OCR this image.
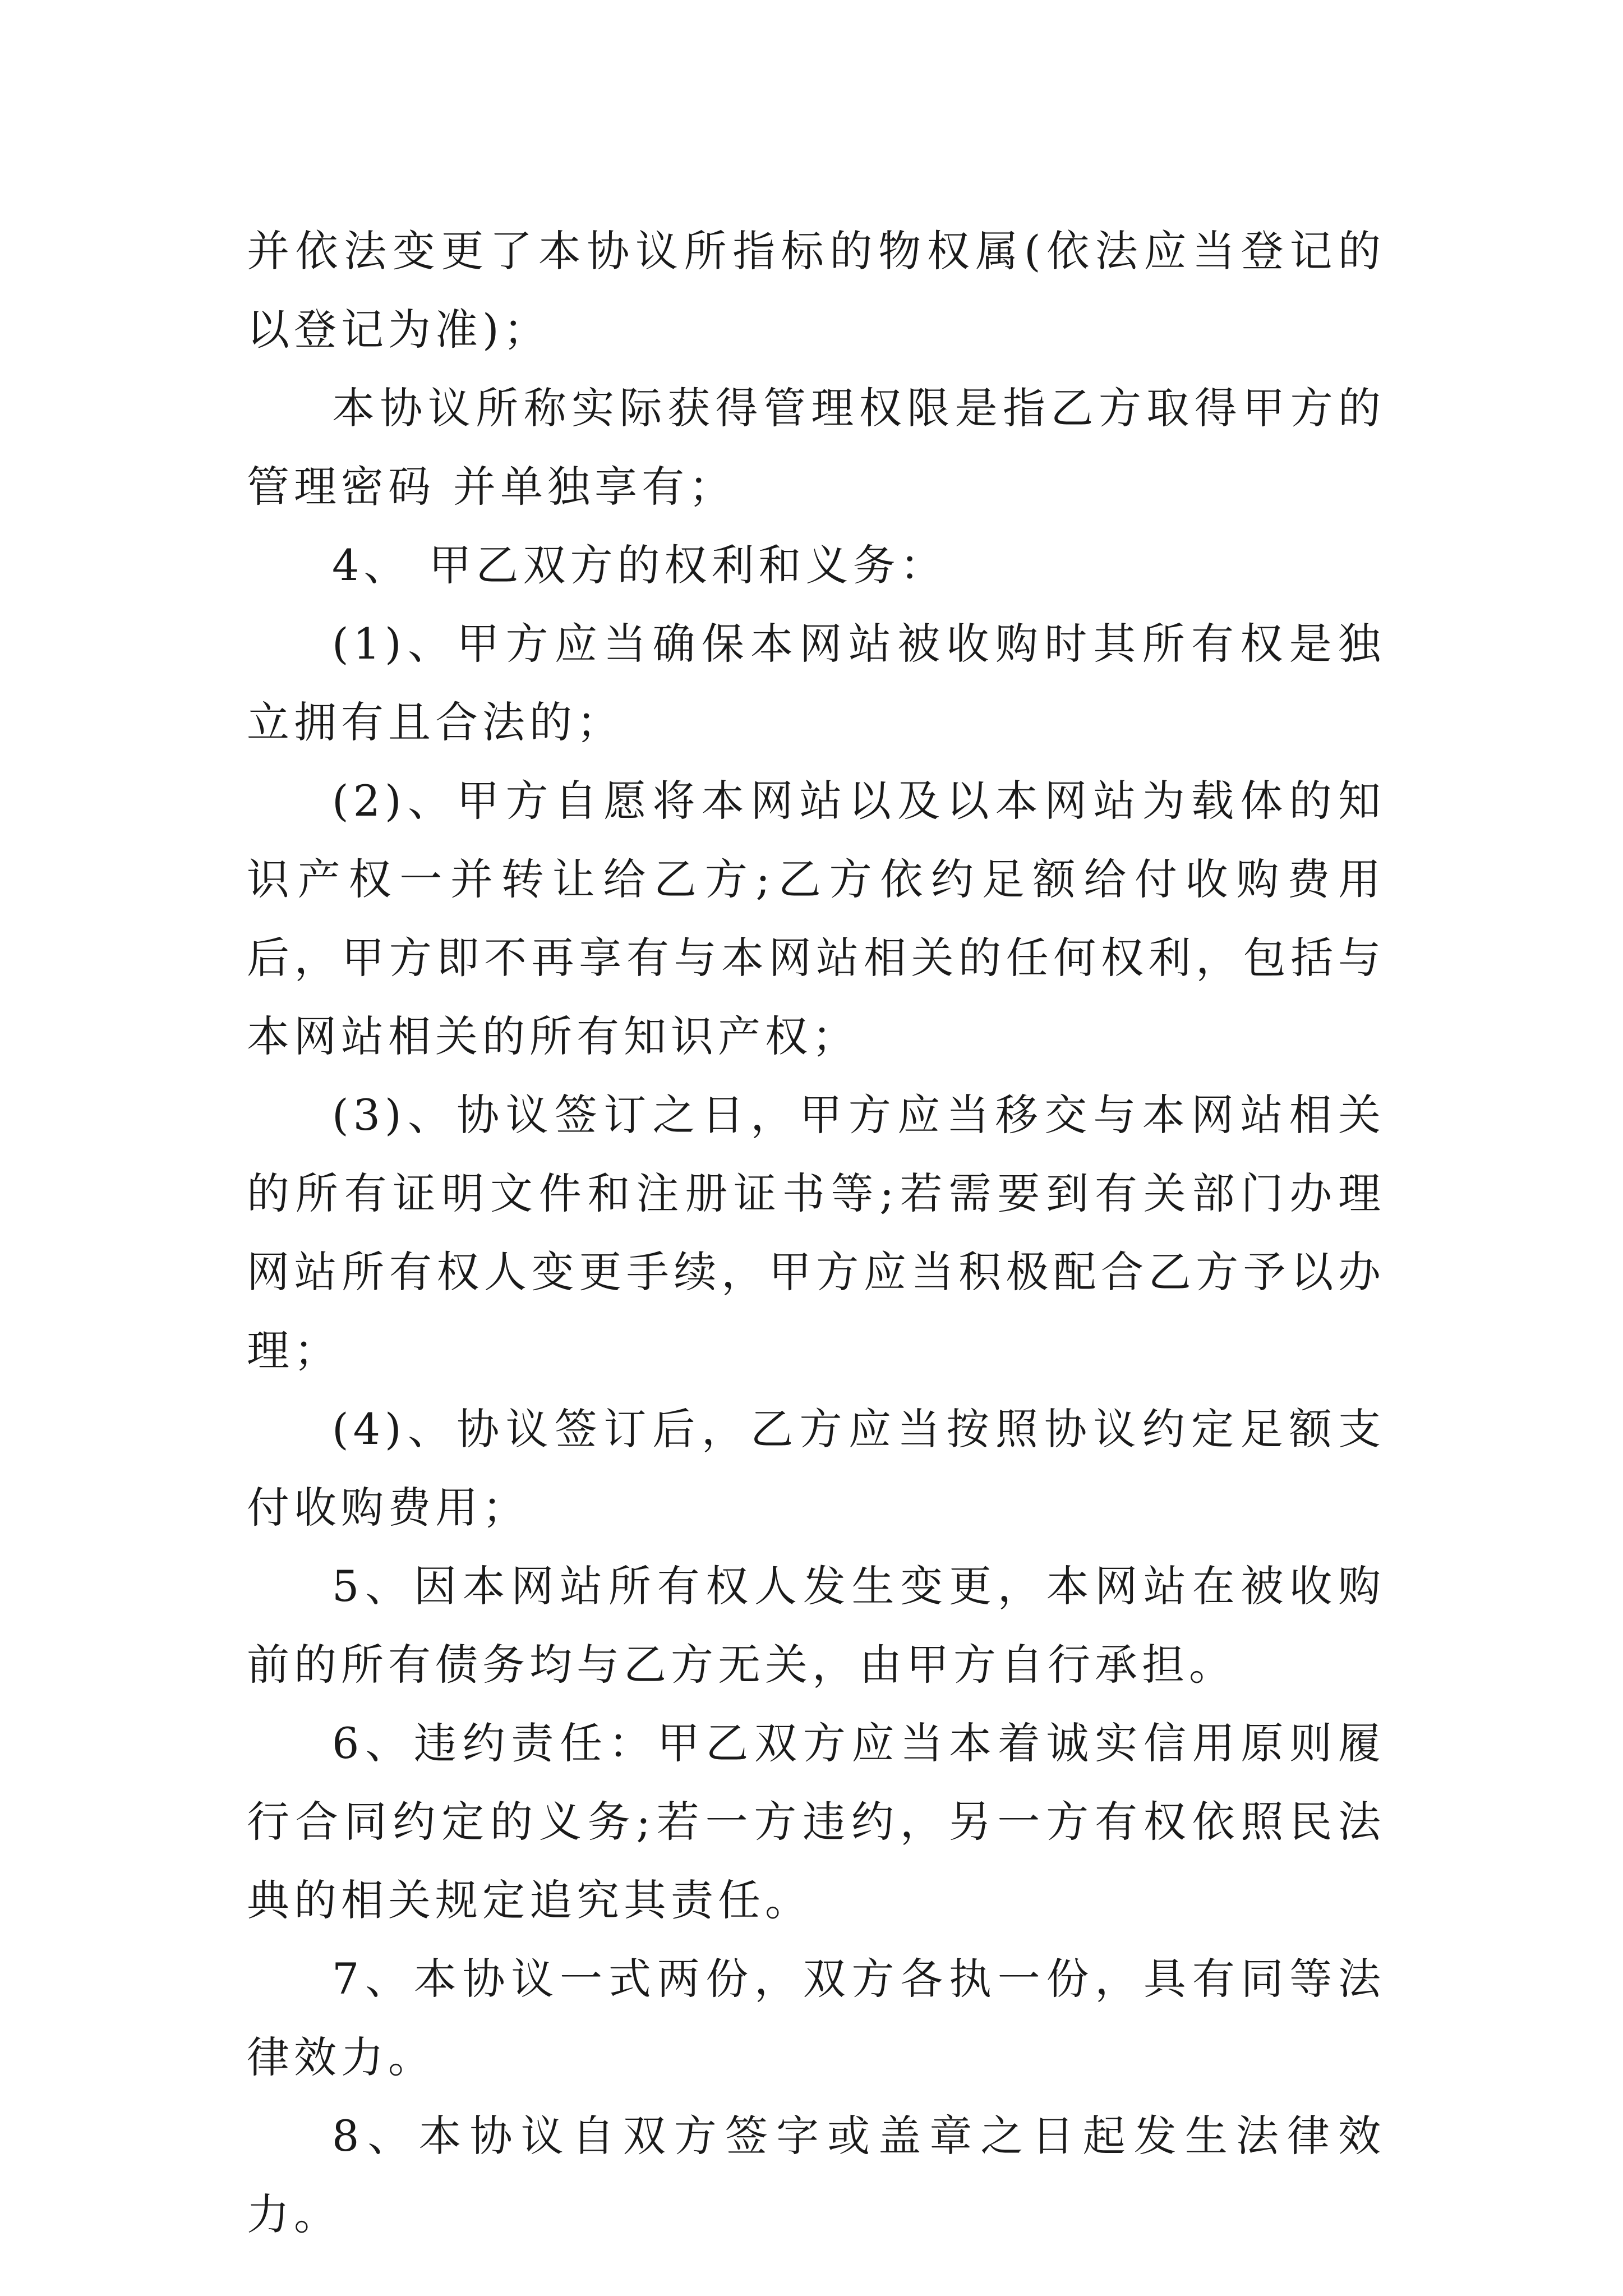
并依法变更了本协议所指标的物权属(依法应当登记的以登记为准)；

本协议所称实际获得管理权限是指乙方取得甲方的管理密码 并单独享有；

4、 甲乙双方的权利和义务：

(1)、甲方应当确保本网站被收购时其所有权是独立拥有且合法的；

(2)、甲方自愿将本网站以及以本网站为载体的知识产权一并转让给乙方;乙方依约足额给付收购费用后，甲方即不再享有与本网站相关的任何权利，包括与本网站相关的所有知识产权；

(3)、协议签订之日，甲方应当移交与本网站相关的所有证明文件和注册证书等;若需要到有关部门办理网站所有权人变更手续，甲方应当积极配合乙方予以办理；

(4)、协议签订后，乙方应当按照协议约定足额支付收购费用；

5、因本网站所有权人发生变更，本网站在被收购前的所有债务均与乙方无关，由甲方自行承担。

6、违约责任：甲乙双方应当本着诚实信用原则履行合同约定的义务;若一方违约，另一方有权依照民法典的相关规定追究其责任。

7、本协议一式两份，双方各执一份，具有同等法律效力。

8、本协议自双方签字或盖章之日起发生法律效力。
